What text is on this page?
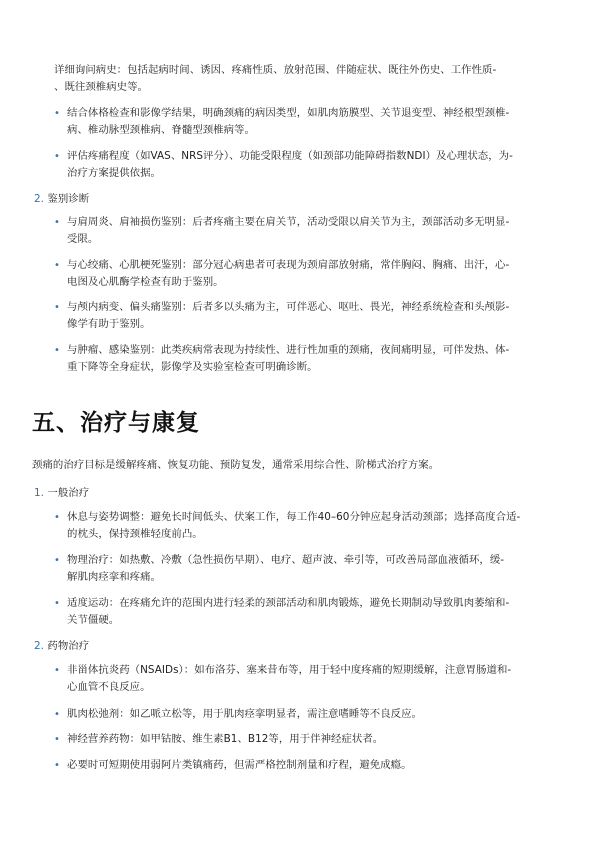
详细询问病史：包括起病时间、诱因、疼痛性质、放射范围、伴随症状、既往外伤史、工作性质-
、既往颈椎病史等。
• 结合体格检查和影像学结果，明确颈痛的病因类型，如肌肉筋膜型、关节退变型、神经根型颈椎-
病、椎动脉型颈椎病、脊髓型颈椎病等。
• 评估疼痛程度（如VAS、NRS评分）、功能受限程度（如颈部功能障碍指数NDI）及心理状态，为-
治疗方案提供依据。
2. 鉴别诊断
• 与肩周炎、肩袖损伤鉴别：后者疼痛主要在肩关节，活动受限以肩关节为主，颈部活动多无明显-
受限。
• 与心绞痛、心肌梗死鉴别：部分冠心病患者可表现为颈肩部放射痛，常伴胸闷、胸痛、出汗，心-
电图及心肌酶学检查有助于鉴别。
• 与颅内病变、偏头痛鉴别：后者多以头痛为主，可伴恶心、呕吐、畏光，神经系统检查和头颅影-
像学有助于鉴别。
• 与肿瘤、感染鉴别：此类疾病常表现为持续性、进行性加重的颈痛，夜间痛明显，可伴发热、体-
重下降等全身症状，影像学及实验室检查可明确诊断。
五、治疗与康复
颈痛的治疗目标是缓解疼痛、恢复功能、预防复发，通常采用综合性、阶梯式治疗方案。
1. 一般治疗
• 休息与姿势调整：避免长时间低头、伏案工作，每工作40–60分钟应起身活动颈部；选择高度合适-
的枕头，保持颈椎轻度前凸。
• 物理治疗：如热敷、冷敷（急性损伤早期）、电疗、超声波、牵引等，可改善局部血液循环，缓-
解肌肉痉挛和疼痛。
• 适度运动：在疼痛允许的范围内进行轻柔的颈部活动和肌肉锻炼，避免长期制动导致肌肉萎缩和-
关节僵硬。
2. 药物治疗
• 非甾体抗炎药（NSAIDs）：如布洛芬、塞来昔布等，用于轻中度疼痛的短期缓解，注意胃肠道和-
心血管不良反应。
• 肌肉松弛剂：如乙哌立松等，用于肌肉痉挛明显者，需注意嗜睡等不良反应。
• 神经营养药物：如甲钴胺、维生素B1、B12等，用于伴神经症状者。
• 必要时可短期使用弱阿片类镇痛药，但需严格控制剂量和疗程，避免成瘾。
